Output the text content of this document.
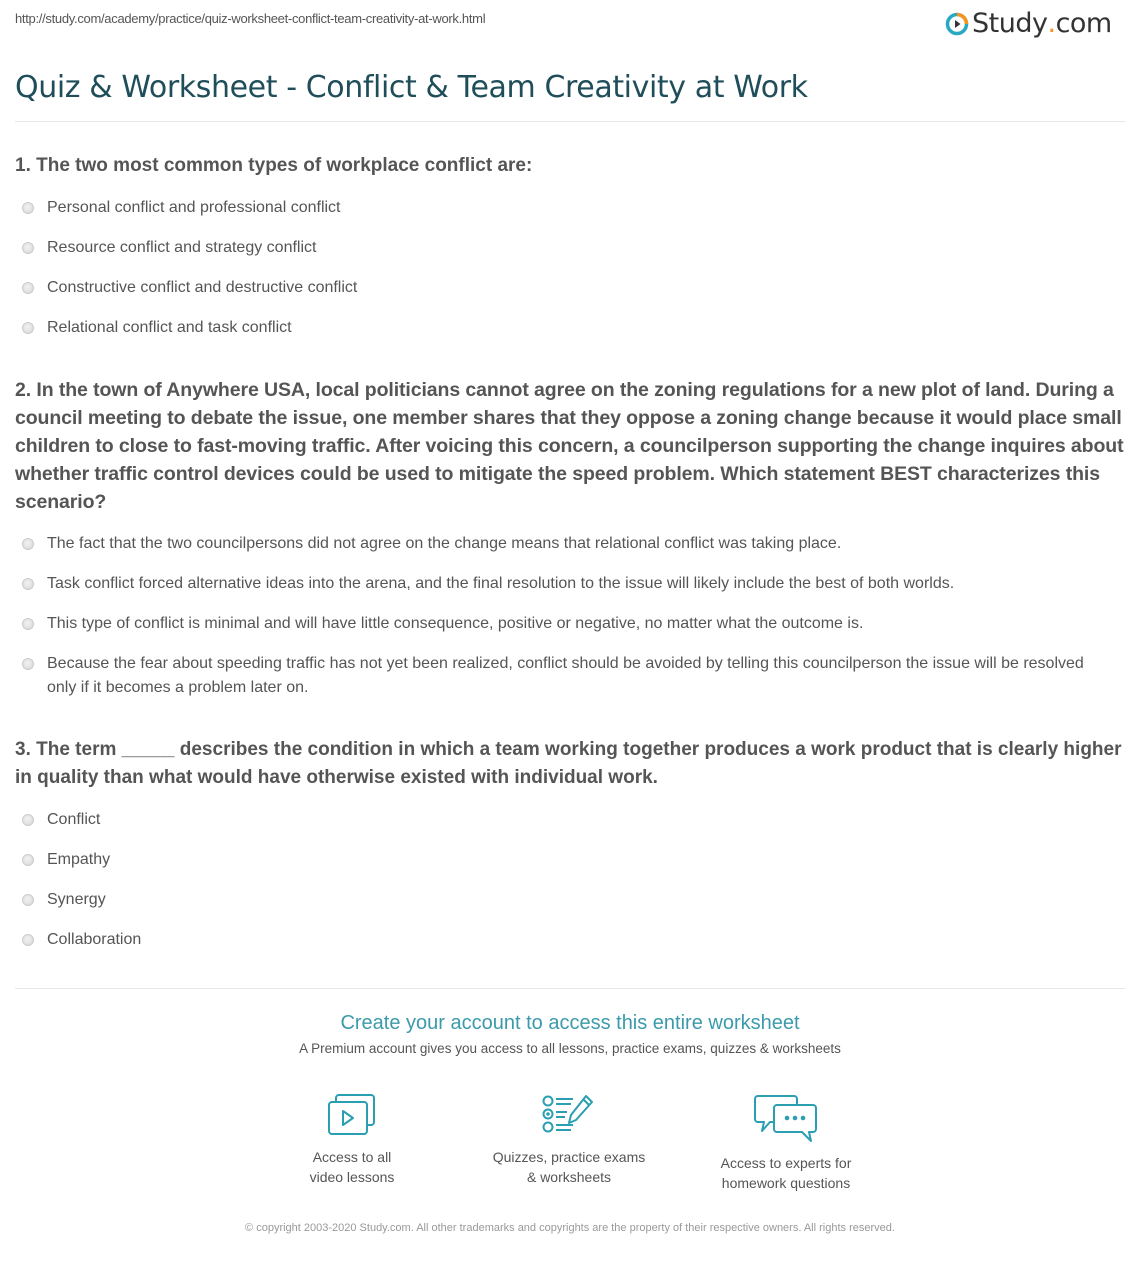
http://study.com/academy/practice/quiz-worksheet-conflict-team-creativity-at-work.html	Study . com
Quiz & Worksheet - Conflict & Team Creativity at Work
1. The two most common types of workplace conflict are:
Personal conflict and professional conflict
Resource conflict and strategy conflict
Constructive conflict and destructive conflict
Relational conflict and task conflict
2. In the town of Anywhere USA, local politicians cannot agree on the zoning regulations for a new plot of land. During a council meeting to debate the issue, one member shares that they oppose a zoning change because it would place small children to close to fast-moving traffic. After voicing this concern, a councilperson supporting the change inquires about whether traffic control devices could be used to mitigate the speed problem. Which statement BEST characterizes this scenario?
The fact that the two councilpersons did not agree on the change means that relational conflict was taking place.
Task conflict forced alternative ideas into the arena, and the final resolution to the issue will likely include the best of both worlds.
This type of conflict is minimal and will have little consequence, positive or negative, no matter what the outcome is.
Because the fear about speeding traffic has not yet been realized, conflict should be avoided by telling this councilperson the issue will be resolved only if it becomes a problem later on.
3. The term _____ describes the condition in which a team working together produces a work product that is clearly higher in quality than what would have otherwise existed with individual work.
Conflict
Empathy
Synergy
Collaboration
Create your account to access this entire worksheet
A Premium account gives you access to all lessons, practice exams, quizzes & worksheets
Access to all
video lessons
Quizzes, practice exams
& worksheets
Access to experts for
homework questions
© copyright 2003-2020 Study.com. All other trademarks and copyrights are the property of their respective owners. All rights reserved.
